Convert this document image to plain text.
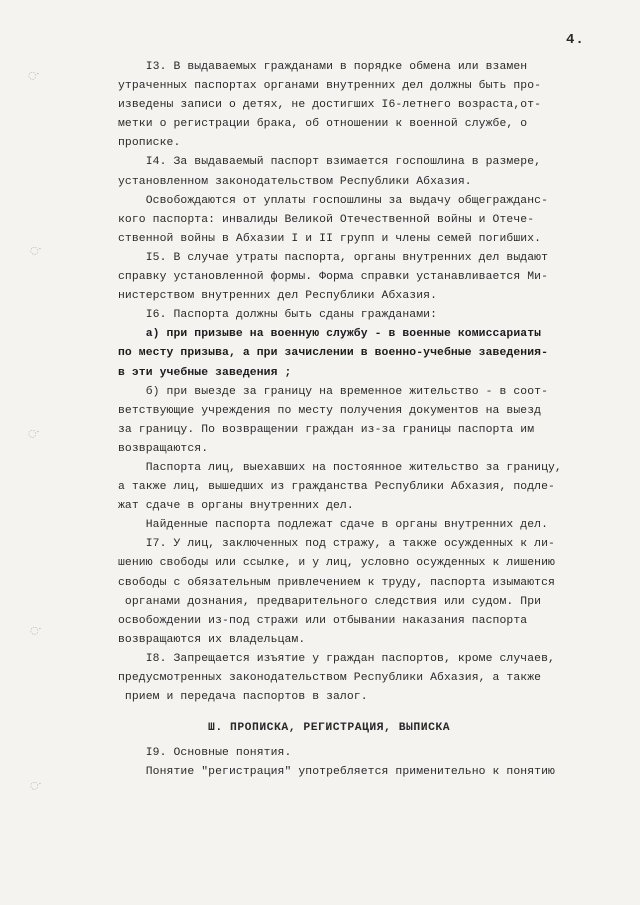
4.
◌·
◌·
◌·
◌·
◌·
I3. В выдаваемых гражданами в порядке обмена или взамен
утраченных паспортах органами внутренних дел должны быть про-
изведены записи о детях, не достигших I6-летнего возраста,от-
метки о регистрации брака, об отношении к военной службе, о
прописке.
I4. За выдаваемый паспорт взимается госпошлина в размере,
установленном законодательством Республики Абхазия.
Освобождаются от уплаты госпошлины за выдачу общегражданс-
кого паспорта: инвалиды Великой Отечественной войны и Отече-
ственной войны в Абхазии I и II групп и члены семей погибших.
I5. В случае утраты паспорта, органы внутренних дел выдают
справку установленной формы. Форма справки устанавливается Ми-
нистерством внутренних дел Республики Абхазия.
I6. Паспорта должны быть сданы гражданами:
а) при призыве на военную службу - в военные комиссариаты
по месту призыва, а при зачислении в военно-учебные заведения-
в эти учебные заведения ;
б) при выезде за границу на временное жительство - в соот-
ветствующие учреждения по месту получения документов на выезд
за границу. По возвращении граждан из-за границы паспорта им
возвращаются.
Паспорта лиц, выехавших на постоянное жительство за границу,
а также лиц, вышедших из гражданства Республики Абхазия, подле-
жат сдаче в органы внутренних дел.
Найденные паспорта подлежат сдаче в органы внутренних дел.
I7. У лиц, заключенных под стражу, а также осужденных к ли-
шению свободы или ссылке, и у лиц, условно осужденных к лишению
свободы с обязательным привлечением к труду, паспорта изымаются
органами дознания, предварительного следствия или судом. При
освобождении из-под стражи или отбывании наказания паспорта
возвращаются их владельцам.
I8. Запрещается изъятие у граждан паспортов, кроме случаев,
предусмотренных законодательством Республики Абхазия, а также
прием и передача паспортов в залог.
Ш. ПРОПИСКА, РЕГИСТРАЦИЯ, ВЫПИСКА
I9. Основные понятия.
Понятие "регистрация" употребляется применительно к понятию
